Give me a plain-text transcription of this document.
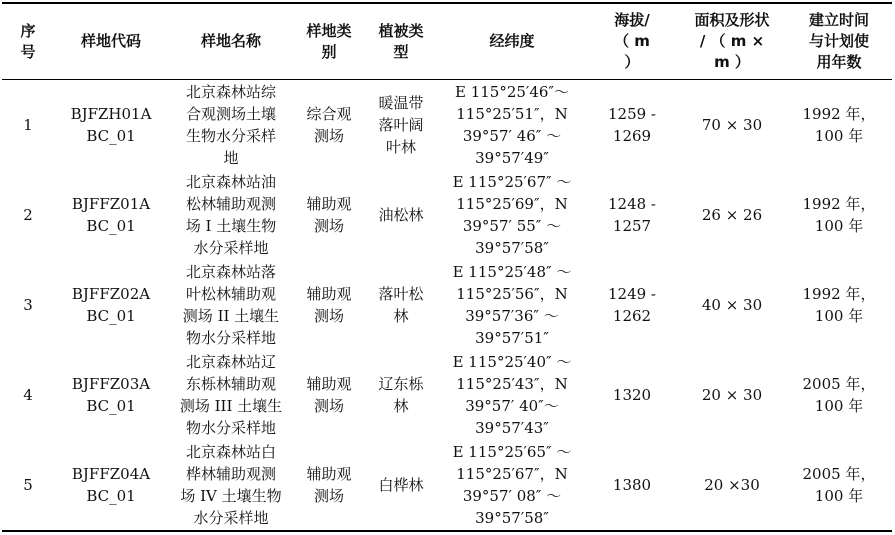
序
号	样地代码	样地名称	样地类
别	植被类
型	经纬度	海拔/
（ m
）	面积及形状
/ （ m ×
m ）	建立时间
与计划使
用年数

1	BJFZH01A
BC_01	北京森林站综
合观测场土壤
生物水分采样
地	综合观
测场	暖温带
落叶阔
叶林	E 115°25′46″～
115°25′51″，N
39°57′ 46″ ～
39°57′49″	1259 -
1269	70 × 30	1992 年，
100 年

2	BJFFZ01A
BC_01	北京森林站油
松林辅助观测
场 I 土壤生物
水分采样地	辅助观
测场	油松林	E 115°25′67″ ～
115°25′69″，N
39°57′ 55″ ～
39°57′58″	1248 -
1257	26 × 26	1992 年，
100 年

3	BJFFZ02A
BC_01	北京森林站落
叶松林辅助观
测场 II 土壤生
物水分采样地	辅助观
测场	落叶松
林	E 115°25′48″ ～
115°25′56″，N
39°57′36″ ～
39°57′51″	1249 -
1262	40 × 30	1992 年，
100 年

4	BJFFZ03A
BC_01	北京森林站辽
东栎林辅助观
测场 III 土壤生
物水分采样地	辅助观
测场	辽东栎
林	E 115°25′40″ ～
115°25′43″，N
39°57′ 40″～
39°57′43″	1320	20 × 30	2005 年，
100 年

5	BJFFZ04A
BC_01	北京森林站白
桦林辅助观测
场 IV 土壤生物
水分采样地	辅助观
测场	白桦林	E 115°25′65″ ～
115°25′67″，N
39°57′ 08″ ～
39°57′58″	1380	20 ×30	2005 年，
100 年
